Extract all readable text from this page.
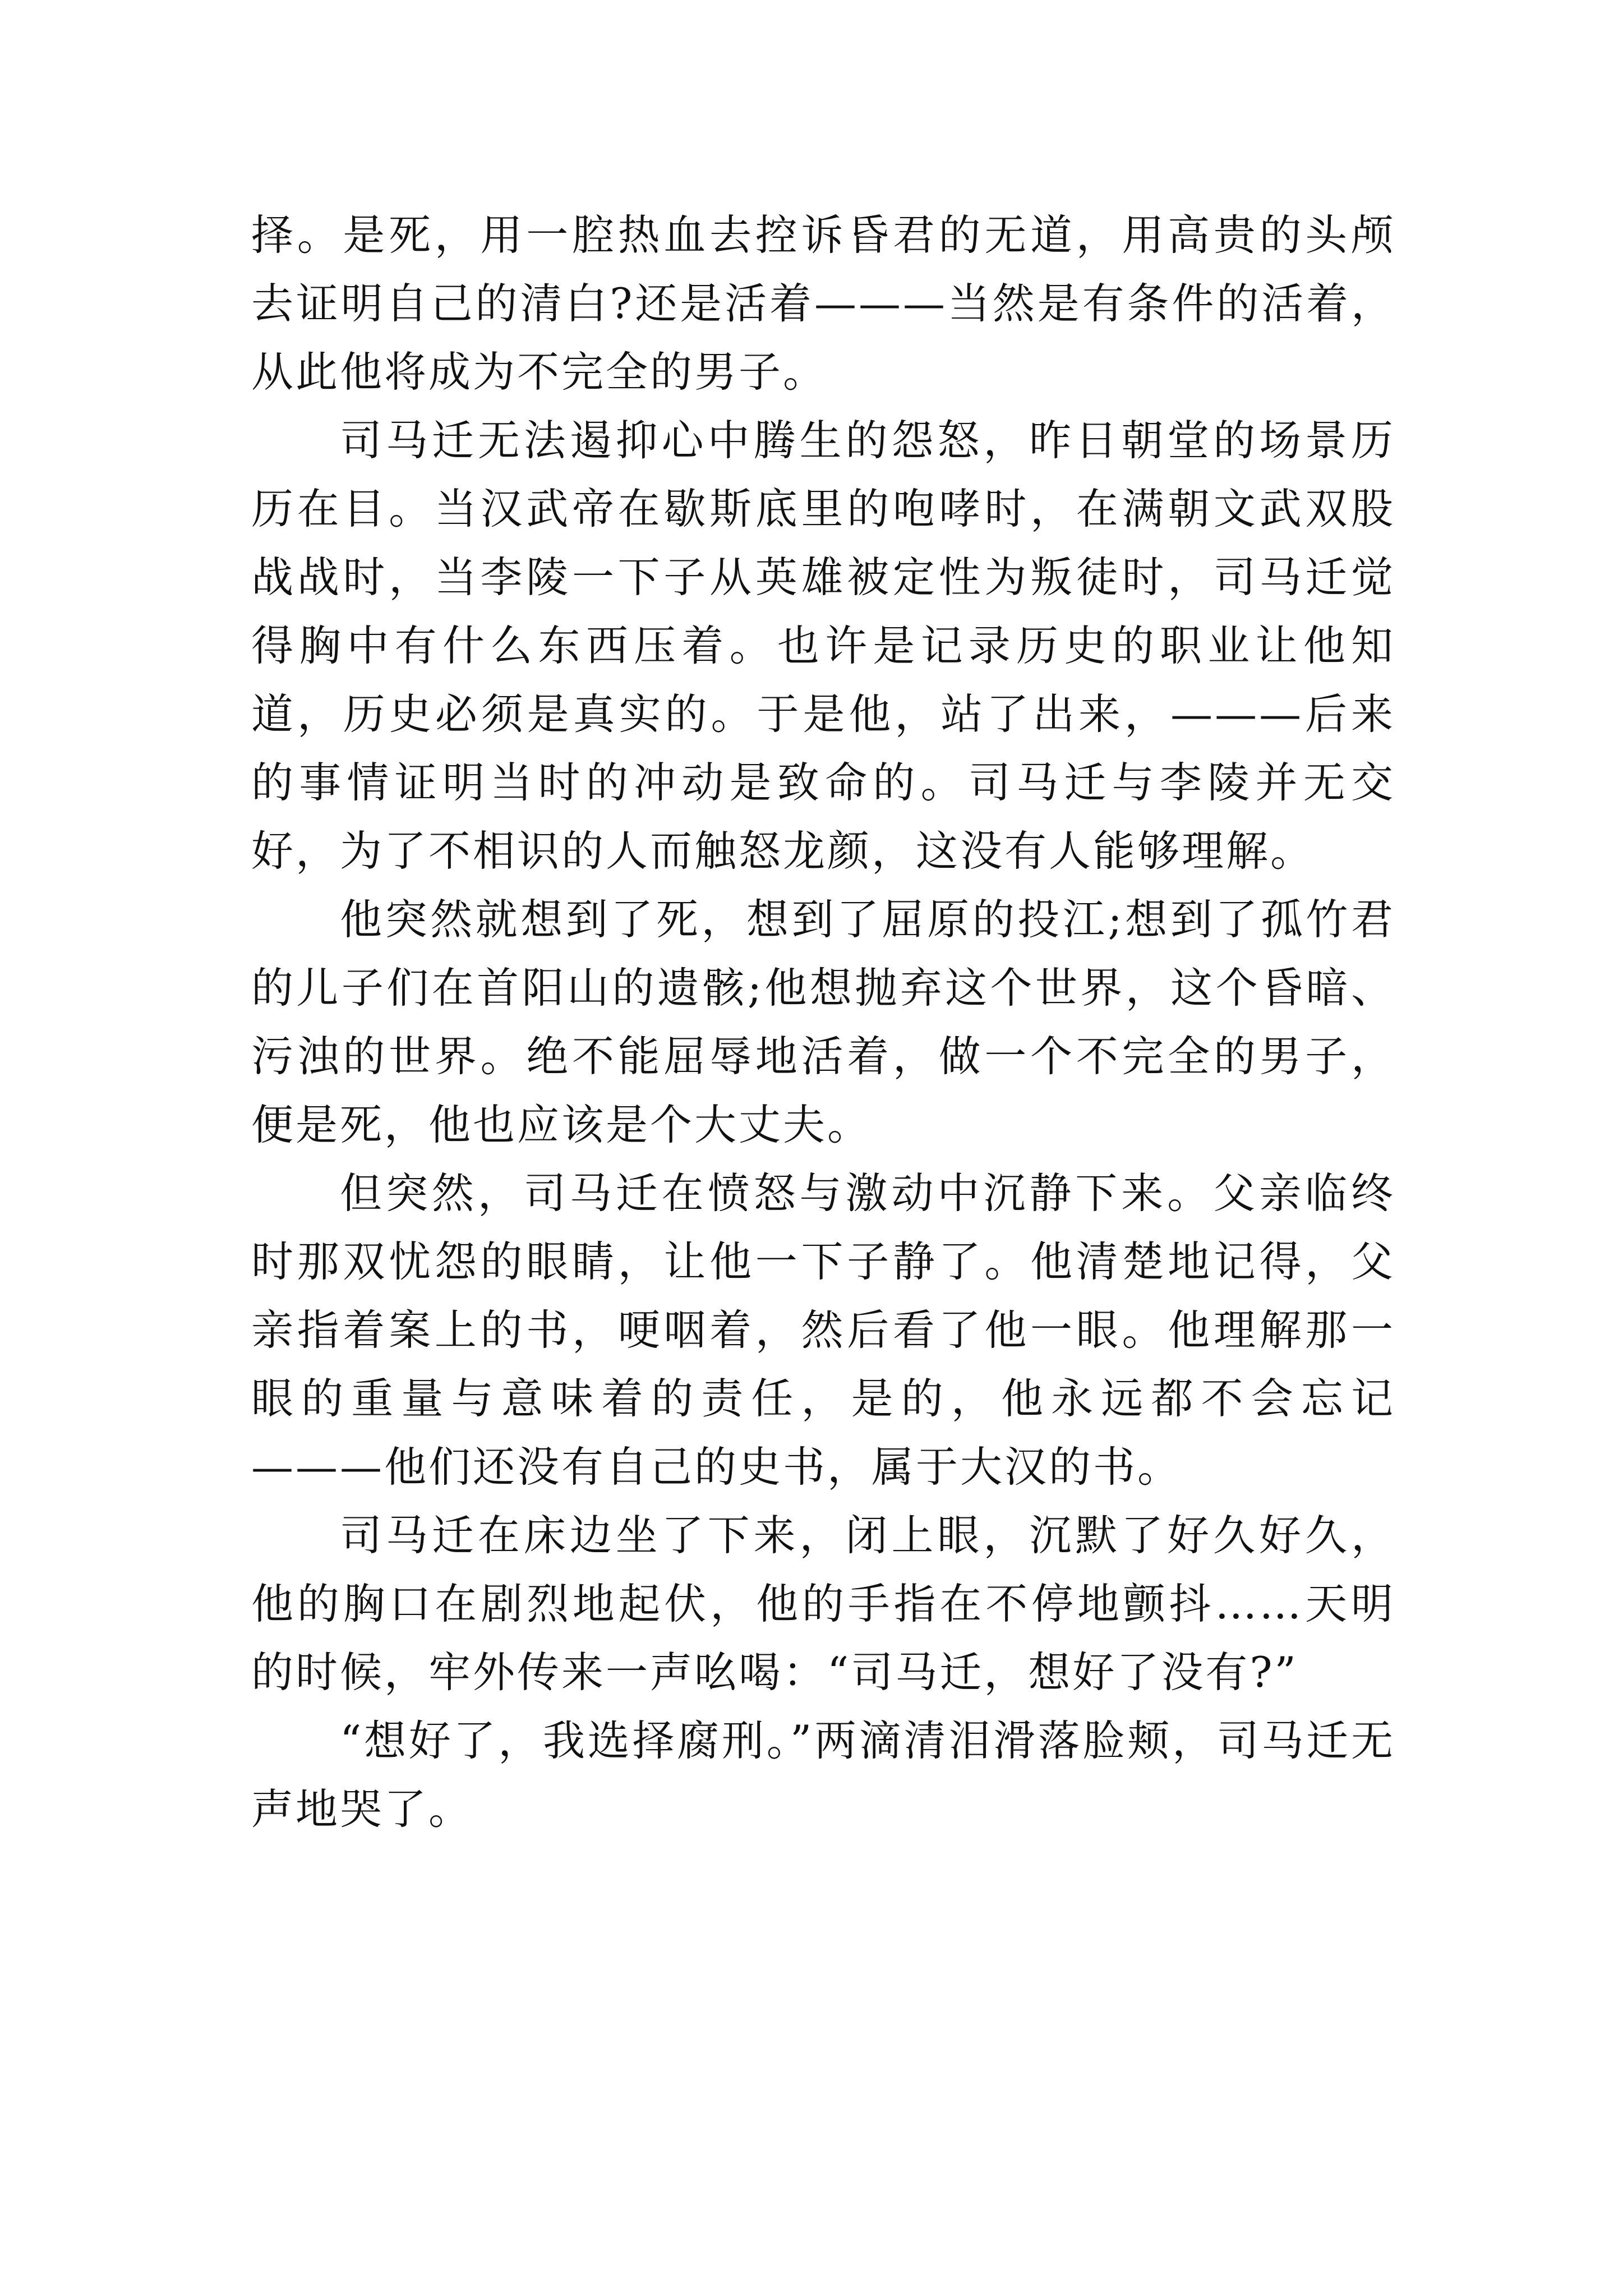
择。是死，用一腔热血去控诉昏君的无道，用高贵的头颅去证明自己的清白?还是活着———当然是有条件的活着，从此他将成为不完全的男子。

司马迁无法遏抑心中腾生的怨怒，昨日朝堂的场景历历在目。当汉武帝在歇斯底里的咆哮时，在满朝文武双股战战时，当李陵一下子从英雄被定性为叛徒时，司马迁觉得胸中有什么东西压着。也许是记录历史的职业让他知道，历史必须是真实的。于是他，站了出来，———后来的事情证明当时的冲动是致命的。司马迁与李陵并无交好，为了不相识的人而触怒龙颜，这没有人能够理解。

他突然就想到了死，想到了屈原的投江;想到了孤竹君的儿子们在首阳山的遗骸;他想抛弃这个世界，这个昏暗、污浊的世界。绝不能屈辱地活着，做一个不完全的男子，便是死，他也应该是个大丈夫。

但突然，司马迁在愤怒与激动中沉静下来。父亲临终时那双忧怨的眼睛，让他一下子静了。他清楚地记得，父亲指着案上的书，哽咽着，然后看了他一眼。他理解那一眼的重量与意味着的责任，是的，他永远都不会忘记———他们还没有自己的史书，属于大汉的书。

司马迁在床边坐了下来，闭上眼，沉默了好久好久，他的胸口在剧烈地起伏，他的手指在不停地颤抖……天明的时候，牢外传来一声吆喝：“司马迁，想好了没有?”

“想好了，我选择腐刑。”两滴清泪滑落脸颊，司马迁无声地哭了。
